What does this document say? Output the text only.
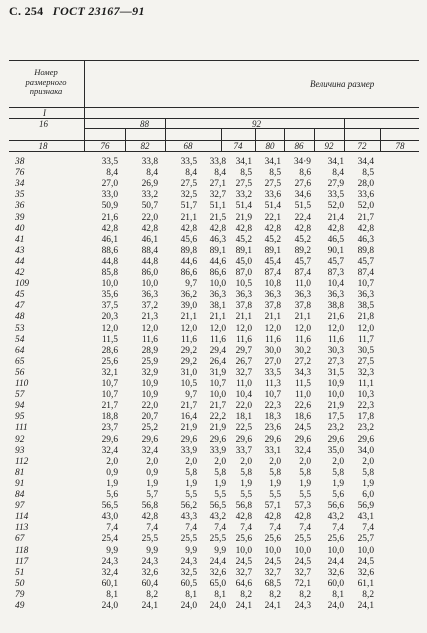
С. 254 ГОСТ 23167—91
Номер размерного признака
Величина размер
I
16	88	92
18	76	82	68	74	80	86	92	72	78
38	33,5	33,8	33,5	33,8	34,1	34,1	34·9	34,1	34,4
76	8,4	8,4	8,4	8,4	8,5	8,5	8,6	8,4	8,5
34	27,0	26,9	27,5	27,1	27,5	27,5	27,6	27,9	28,0
35	33,0	33,2	32,5	32,7	33,2	33,6	34,6	33,5	33,6
36	50,9	50,7	51,7	51,1	51,4	51,4	51,5	52,0	52,0
39	21,6	22,0	21,1	21,5	21,9	22,1	22,4	21,4	21,7
40	42,8	42,8	42,8	42,8	42,8	42,8	42,8	42,8	42,8
41	46,1	46,1	45,6	46,3	45,2	45,2	45,2	46,5	46,3
43	88,6	88,4	89,8	89,1	89,1	89,1	89,2	90,1	89,8
44	44,8	44,8	44,6	44,6	45,0	45,4	45,7	45,7	45,7
42	85,8	86,0	86,6	86,6	87,0	87,4	87,4	87,3	87,4
109	10,0	10,0	9,7	10,0	10,5	10,8	11,0	10,4	10,7
45	35,6	36,3	36,2	36,3	36,3	36,3	36,3	36,3	36,3
47	37,5	37,2	39,0	38,1	37,8	37,8	37,8	38,8	38,5
48	20,3	21,3	21,1	21,1	21,1	21,1	21,1	21,6	21,8
53	12,0	12,0	12,0	12,0	12,0	12,0	12,0	12,0	12,0
54	11,5	11,6	11,6	11,6	11,6	11,6	11,6	11,6	11,7
64	28,6	28,9	29,2	29,4	29,7	30,0	30,2	30,3	30,5
65	25,6	25,9	29,2	26,4	26,7	27,0	27,2	27,3	27,5
56	32,1	32,9	31,0	31,9	32,7	33,5	34,3	31,5	32,3
110	10,7	10,9	10,5	10,7	11,0	11,3	11,5	10,9	11,1
57	10,7	10,9	9,7	10,0	10,4	10,7	11,0	10,0	10,3
94	21,7	22,0	21,7	21,7	22,0	22,3	22,6	21,9	22,3
95	18,8	20,7	16,4	22,2	18,1	18,3	18,6	17,5	17,8
111	23,7	25,2	21,9	21,9	22,5	23,6	24,5	23,2	23,2
92	29,6	29,6	29,6	29,6	29,6	29,6	29,6	29,6	29,6
93	32,4	32,4	33,9	33,9	33,7	33,1	32,4	35,0	34,0
112	2,0	2,0	2,0	2,0	2,0	2,0	2,0	2,0	2,0
81	0,9	0,9	5,8	5,8	5,8	5,8	5,8	5,8	5,8
91	1,9	1,9	1,9	1,9	1,9	1,9	1,9	1,9	1,9
84	5,6	5,7	5,5	5,5	5,5	5,5	5,5	5,6	6,0
97	56,5	56,8	56,2	56,5	56,8	57,1	57,3	56,6	56,9
114	43,0	42,8	43,3	43,2	42,8	42,8	42,8	43,2	43,1
113	7,4	7,4	7,4	7,4	7,4	7,4	7,4	7,4	7,4
67	25,4	25,5	25,5	25,5	25,6	25,6	25,5	25,6	25,7
118	9,9	9,9	9,9	9,9	10,0	10,0	10,0	10,0	10,0
117	24,3	24,3	24,3	24,4	24,5	24,5	24,5	24,4	24,5
51	32,4	32,6	32,5	32,6	32,7	32,7	32,7	32,6	32,6
50	60,1	60,4	60,5	65,0	64,6	68,5	72,1	60,0	61,1
79	8,1	8,2	8,1	8,1	8,2	8,2	8,2	8,1	8,2
49	24,0	24,1	24,0	24,0	24,1	24,1	24,3	24,0	24,1
